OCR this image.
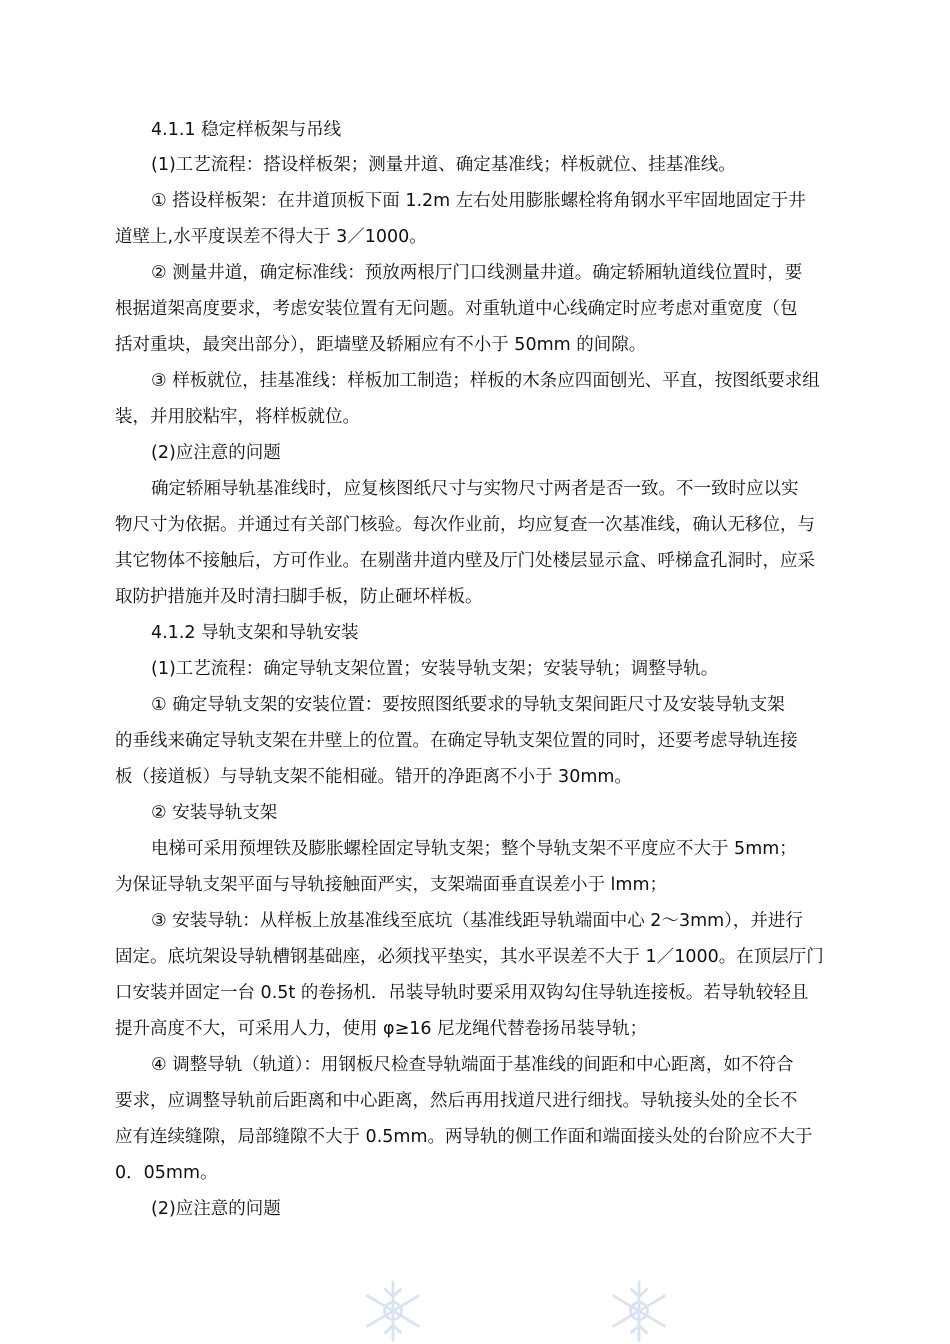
4.1.1 稳定样板架与吊线
(1)工艺流程：搭设样板架；测量井道、确定基准线；样板就位、挂基准线。
① 搭设样板架：在井道顶板下面 1.2m 左右处用膨胀螺栓将角钢水平牢固地固定于井
道壁上,水平度误差不得大于 3／1000。
② 测量井道，确定标准线：预放两根厅门口线测量井道。确定轿厢轨道线位置时，要
根据道架高度要求，考虑安装位置有无问题。对重轨道中心线确定时应考虑对重宽度（包
括对重块，最突出部分），距墙壁及轿厢应有不小于 50mm 的间隙。
③ 样板就位，挂基准线：样板加工制造；样板的木条应四面刨光、平直，按图纸要求组
装，并用胶粘牢，将样板就位。
(2)应注意的问题
确定轿厢导轨基准线时，应复核图纸尺寸与实物尺寸两者是否一致。不一致时应以实
物尺寸为依据。并通过有关部门核验。每次作业前，均应复查一次基准线，确认无移位，与
其它物体不接触后，方可作业。在剔凿井道内壁及厅门处楼层显示盒、呼梯盒孔洞时，应采
取防护措施并及时清扫脚手板，防止砸坏样板。
4.1.2 导轨支架和导轨安装
(1)工艺流程：确定导轨支架位置；安装导轨支架；安装导轨；调整导轨。
① 确定导轨支架的安装位置：要按照图纸要求的导轨支架间距尺寸及安装导轨支架
的垂线来确定导轨支架在井壁上的位置。在确定导轨支架位置的同时，还要考虑导轨连接
板（接道板）与导轨支架不能相碰。错开的净距离不小于 30mm。
② 安装导轨支架
电梯可采用预埋铁及膨胀螺栓固定导轨支架；整个导轨支架不平度应不大于 5mm；
为保证导轨支架平面与导轨接触面严实，支架端面垂直误差小于 lmm；
③ 安装导轨：从样板上放基准线至底坑（基准线距导轨端面中心 2～3mm），并进行
固定。底坑架设导轨槽钢基础座，必须找平垫实，其水平误差不大于 1／1000。在顶层厅门
口安装并固定一台 0.5t 的卷扬机．吊装导轨时要采用双钩勾住导轨连接板。若导轨较轻且
提升高度不大，可采用人力，使用 φ≥16 尼龙绳代替卷扬吊装导轨；
④ 调整导轨（轨道）：用钢板尺检查导轨端面于基准线的间距和中心距离，如不符合
要求，应调整导轨前后距离和中心距离，然后再用找道尺进行细找。导轨接头处的全长不
应有连续缝隙，局部缝隙不大于 0.5mm。两导轨的侧工作面和端面接头处的台阶应不大于
0．05mm。
(2)应注意的问题
